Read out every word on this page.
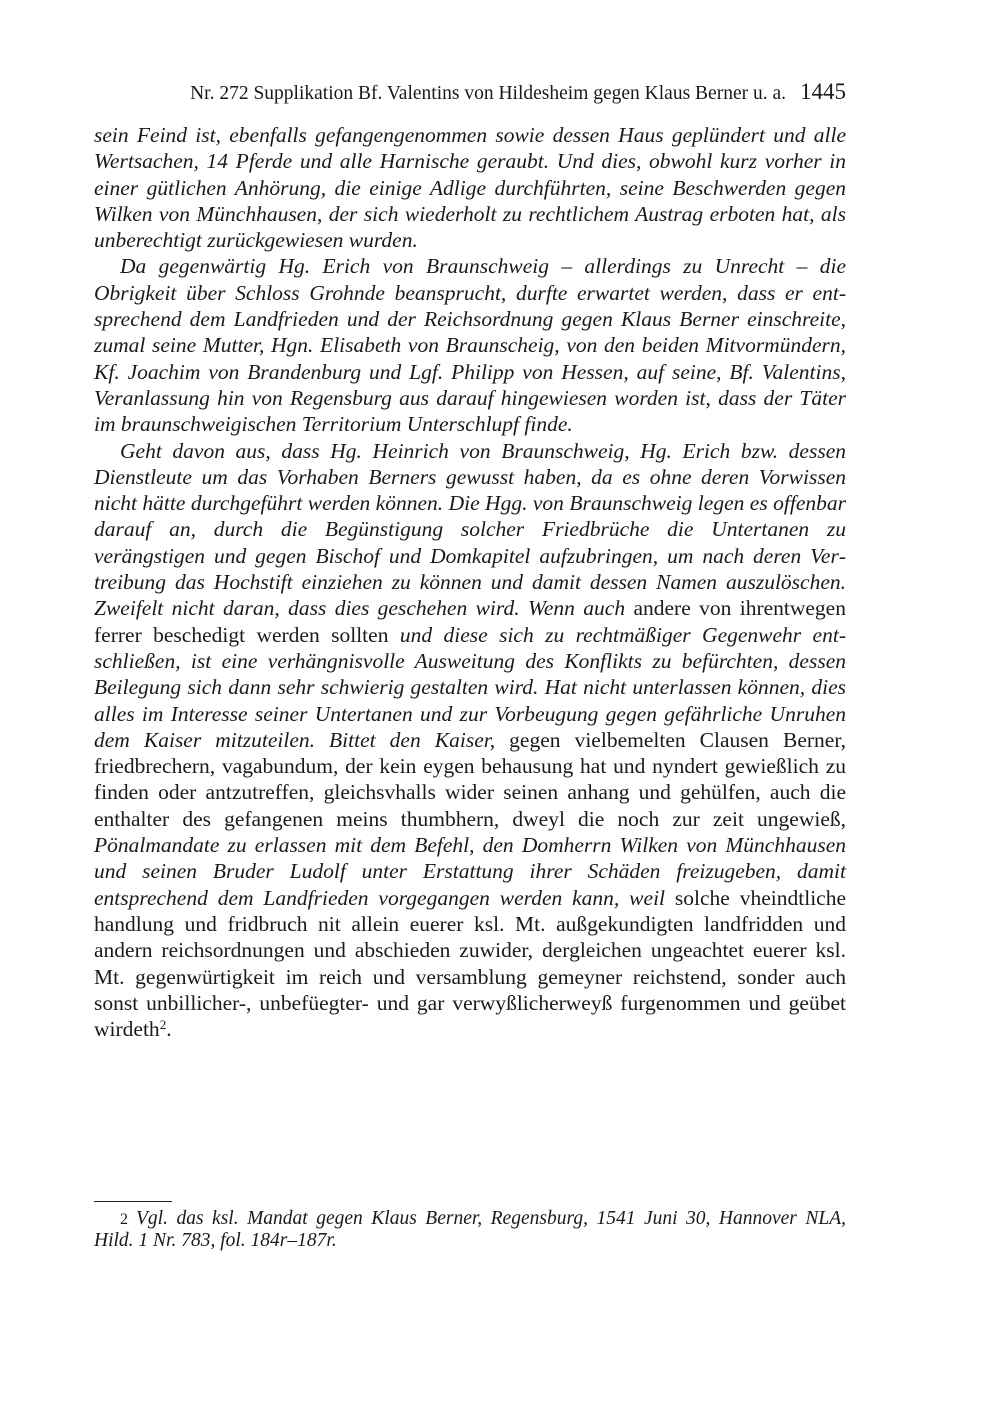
Nr. 272 Supplikation Bf. Valentins von Hildesheim gegen Klaus Berner u. a. 1445

sein Feind ist, ebenfalls gefangengenommen sowie dessen Haus geplündert und alle Wertsachen, 14 Pferde und alle Harnische geraubt. Und dies, obwohl kurz vorher in einer gütlichen Anhörung, die einige Adlige durchführten, seine Beschwerden gegen Wilken von Münchhausen, der sich wiederholt zu rechtlichem Austrag erboten hat, als unberechtigt zurückgewiesen wurden.

Da gegenwärtig Hg. Erich von Braunschweig – allerdings zu Unrecht – die Obrigkeit über Schloss Grohnde beansprucht, durfte erwartet werden, dass er entsprechend dem Landfrieden und der Reichsordnung gegen Klaus Berner einschreite, zumal seine Mutter, Hgn. Elisabeth von Braunscheig, von den beiden Mitvormündern, Kf. Joachim von Brandenburg und Lgf. Philipp von Hessen, auf seine, Bf. Valentins, Veranlassung hin von Regensburg aus darauf hingewiesen worden ist, dass der Täter im braunschweigischen Territorium Unterschlupf finde.

Geht davon aus, dass Hg. Heinrich von Braunschweig, Hg. Erich bzw. dessen Dienstleute um das Vorhaben Berners gewusst haben, da es ohne deren Vorwissen nicht hätte durchgeführt werden können. Die Hgg. von Braunschweig legen es offenbar darauf an, durch die Begünstigung solcher Friedbrüche die Untertanen zu verängstigen und gegen Bischof und Domkapitel aufzubringen, um nach deren Vertreibung das Hochstift einziehen zu können und damit dessen Namen auszulöschen. Zweifelt nicht daran, dass dies geschehen wird. Wenn auch andere von ihrentwegen ferrer beschedigt werden sollten und diese sich zu rechtmäßiger Gegenwehr entschließen, ist eine verhängnisvolle Ausweitung des Konflikts zu befürchten, dessen Beilegung sich dann sehr schwierig gestalten wird. Hat nicht unterlassen können, dies alles im Interesse seiner Untertanen und zur Vorbeugung gegen gefährliche Unruhen dem Kaiser mitzuteilen. Bittet den Kaiser, gegen vielbemelten Clausen Berner, friedbrechern, vagabundum, der kein eygen behausung hat und nyndert gewießlich zu finden oder antzutreffen, gleichsvhalls wider seinen anhang und gehülfen, auch die enthalter des gefangenen meins thumbhern, dweyl die noch zur zeit ungewieß, Pönalmandate zu erlassen mit dem Befehl, den Domherrn Wilken von Münchhausen und seinen Bruder Ludolf unter Erstattung ihrer Schäden freizugeben, damit entsprechend dem Landfrieden vorgegangen werden kann, weil solche vheindtliche handlung und fridbruch nit allein euerer ksl. Mt. außgekundigten landfridden und andern reichsordnungen und abschieden zuwider, dergleichen ungeachtet euerer ksl. Mt. gegenwürtigkeit im reich und versamblung gemeyner reichstend, sonder auch sonst unbillicher-, unbefüegter- und gar verwyßlicherweyß furgenommen und geübet wirdeth$^2$.

2 Vgl. das ksl. Mandat gegen Klaus Berner, Regensburg, 1541 Juni 30, Hannover NLA, Hild. 1 Nr. 783, fol. 184r–187r.
